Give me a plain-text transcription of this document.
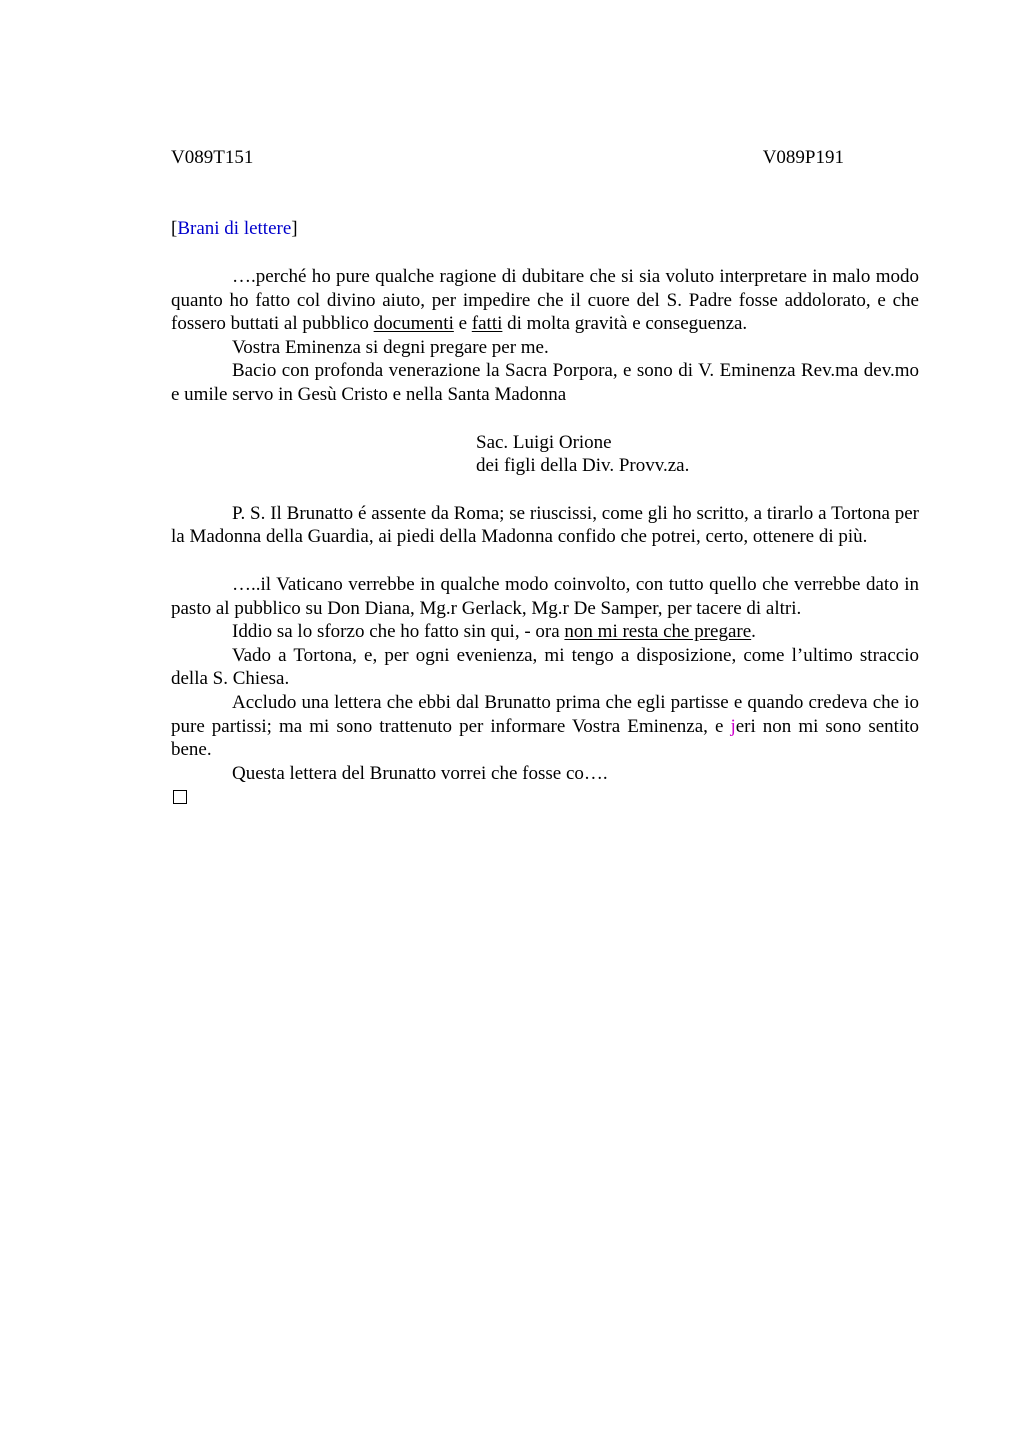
V089T151	V089P191
[Brani di lettere]

….perché ho pure qualche ragione di dubitare che si sia voluto interpretare in malo modo quanto ho fatto col divino aiuto, per impedire che il cuore del S. Padre fosse addolorato, e che fossero buttati al pubblico documenti e fatti di molta gravità e conseguenza.

Vostra Eminenza si degni pregare per me.

Bacio con profonda venerazione la Sacra Porpora, e sono di V. Eminenza Rev.ma dev.mo e umile servo in Gesù Cristo e nella Santa Madonna

Sac. Luigi Orione
dei figli della Div. Provv.za.

P. S. Il Brunatto é assente da Roma; se riuscissi, come gli ho scritto, a tirarlo a Tortona per la Madonna della Guardia, ai piedi della Madonna confido che potrei, certo, ottenere di più.

…..il Vaticano verrebbe in qualche modo coinvolto, con tutto quello che verrebbe dato in pasto al pubblico su Don Diana, Mg.r Gerlack, Mg.r De Samper, per tacere di altri.

Iddio sa lo sforzo che ho fatto sin qui, - ora non mi resta che pregare.

Vado a Tortona, e, per ogni evenienza, mi tengo a disposizione, come l’ultimo straccio della S. Chiesa.

Accludo una lettera che ebbi dal Brunatto prima che egli partisse e quando credeva che io pure partissi; ma mi sono trattenuto per informare Vostra Eminenza, e jeri non mi sono sentito bene.

Questa lettera del Brunatto vorrei che fosse co….
